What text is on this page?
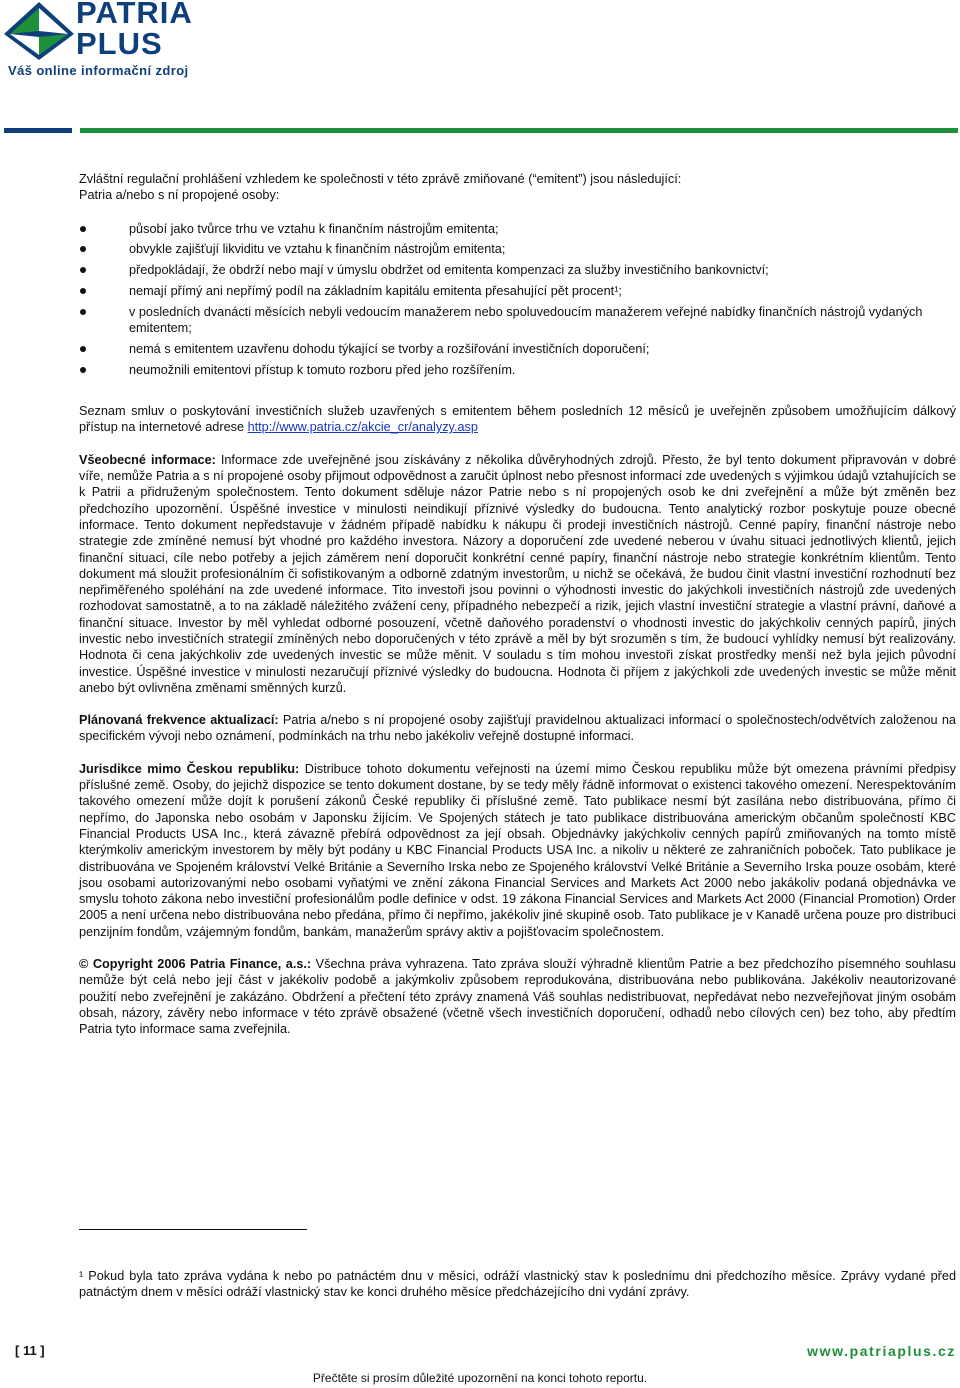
PATRIA
PLUS
Váš online informační zdroj

Zvláštní regulační prohlášení vzhledem ke společnosti v této zprávě zmiňované (“emitent”) jsou následující:

Patria a/nebo s ní propojené osoby:

působí jako tvůrce trhu ve vztahu k finančním nástrojům emitenta;
obvykle zajišťují likviditu ve vztahu k finančním nástrojům emitenta;
předpokládají, že obdrží nebo mají v úmyslu obdržet od emitenta kompenzaci za služby investičního bankovnictví;
nemají přímý ani nepřímý podíl na základním kapitálu emitenta přesahující pět procent¹;
v posledních dvanácti měsících nebyli vedoucím manažerem nebo spoluvedoucím manažerem veřejné nabídky finančních nástrojů vydaných emitentem;
nemá s emitentem uzavřenu dohodu týkající se tvorby a rozšiřování investičních doporučení;
neumožnili emitentovi přístup k tomuto rozboru před jeho rozšířením.

Seznam smluv o poskytování investičních služeb uzavřených s emitentem během posledních 12 měsíců je uveřejněn způsobem umožňujícím dálkový přístup na internetové adrese http://www.patria.cz/akcie_cr/analyzy.asp

Všeobecné informace: Informace zde uveřejněné jsou získávány z několika důvěryhodných zdrojů. Přesto, že byl tento dokument připravován v dobré víře, nemůže Patria a s ní propojené osoby přijmout odpovědnost a zaručit úplnost nebo přesnost informací zde uvedených s výjimkou údajů vztahujících se k Patrii a přidruženým společnostem. Tento dokument sděluje názor Patrie nebo s ní propojených osob ke dni zveřejnění a může být změněn bez předchozího upozornění. Úspěšné investice v minulosti neindikují příznivé výsledky do budoucna. Tento analytický rozbor poskytuje pouze obecné informace. Tento dokument nepředstavuje v žádném případě nabídku k nákupu či prodeji investičních nástrojů. Cenné papíry, finanční nástroje nebo strategie zde zmíněné nemusí být vhodné pro každého investora. Názory a doporučení zde uvedené neberou v úvahu situaci jednotlivých klientů, jejich finanční situaci, cíle nebo potřeby a jejich záměrem není doporučit konkrétní cenné papíry, finanční nástroje nebo strategie konkrétním klientům. Tento dokument má sloužit profesionálním či sofistikovaným a odborně zdatným investorům, u nichž se očekává, že budou činit vlastní investiční rozhodnutí bez nepřiměřeného spoléhání na zde uvedené informace. Tito investoři jsou povinni o výhodnosti investic do jakýchkoli investičních nástrojů zde uvedených rozhodovat samostatně, a to na základě náležitého zvážení ceny, případného nebezpečí a rizik, jejich vlastní investiční strategie a vlastní právní, daňové a finanční situace. Investor by měl vyhledat odborné posouzení, včetně daňového poradenství o vhodnosti investic do jakýchkoliv cenných papírů, jiných investic nebo investičních strategií zmíněných nebo doporučených v této zprávě a měl by být srozuměn s tím, že budoucí vyhlídky nemusí být realizovány. Hodnota či cena jakýchkoliv zde uvedených investic se může měnit. V souladu s tím mohou investoři získat prostředky menší než byla jejich původní investice. Úspěšné investice v minulosti nezaručují příznivé výsledky do budoucna. Hodnota či příjem z jakýchkoli zde uvedených investic se může měnit anebo být ovlivněna změnami směnných kurzů.

Plánovaná frekvence aktualizací: Patria a/nebo s ní propojené osoby zajišťují pravidelnou aktualizaci informací o společnostech/odvětvích založenou na specifickém vývoji nebo oznámení, podmínkách na trhu nebo jakékoliv veřejně dostupné informaci.

Jurisdikce mimo Českou republiku: Distribuce tohoto dokumentu veřejnosti na území mimo Českou republiku může být omezena právními předpisy příslušné země. Osoby, do jejichž dispozice se tento dokument dostane, by se tedy měly řádně informovat o existenci takového omezení. Nerespektováním takového omezení může dojít k porušení zákonů České republiky či příslušné země. Tato publikace nesmí být zasílána nebo distribuována, přímo či nepřímo, do Japonska nebo osobám v Japonsku žijícím. Ve Spojených státech je tato publikace distribuována americkým občanům společností KBC Financial Products USA Inc., která závazně přebírá odpovědnost za její obsah. Objednávky jakýchkoliv cenných papírů zmiňovaných na tomto místě kterýmkoliv americkým investorem by měly být podány u KBC Financial Products USA Inc. a nikoliv u některé ze zahraničních poboček. Tato publikace je distribuována ve Spojeném království Velké Británie a Severního Irska nebo ze Spojeného království Velké Británie a Severního Irska pouze osobám, které jsou osobami autorizovanými nebo osobami vyňatými ve znění zákona Financial Services and Markets Act 2000 nebo jakákoliv podaná objednávka ve smyslu tohoto zákona nebo investiční profesionálům podle definice v odst. 19 zákona Financial Services and Markets Act 2000 (Financial Promotion) Order 2005 a není určena nebo distribuována nebo předána, přímo či nepřímo, jakékoliv jiné skupině osob. Tato publikace je v Kanadě určena pouze pro distribuci penzijním fondům, vzájemným fondům, bankám, manažerům správy aktiv a pojišťovacím společnostem.

© Copyright 2006 Patria Finance, a.s.: Všechna práva vyhrazena. Tato zpráva slouží výhradně klientům Patrie a bez předchozího písemného souhlasu nemůže být celá nebo její část v jakékoliv podobě a jakýmkoliv způsobem reprodukována, distribuována nebo publikována. Jakékoliv neautorizované použití nebo zveřejnění je zakázáno. Obdržení a přečtení této zprávy znamená Váš souhlas nedistribuovat, nepředávat nebo nezveřejňovat jiným osobám obsah, názory, závěry nebo informace v této zprávě obsažené (včetně všech investičních doporučení, odhadů nebo cílových cen) bez toho, aby předtím Patria tyto informace sama zveřejnila.

¹ Pokud byla tato zpráva vydána k nebo po patnáctém dnu v měsíci, odráží vlastnický stav k poslednímu dni předchozího měsíce. Zprávy vydané před patnáctým dnem v měsíci odráží vlastnický stav ke konci druhého měsíce předcházejícího dni vydání zprávy.

[ 11 ]	www.patriaplus.cz
Přečtěte si prosím důležité upozornění na konci tohoto reportu.
